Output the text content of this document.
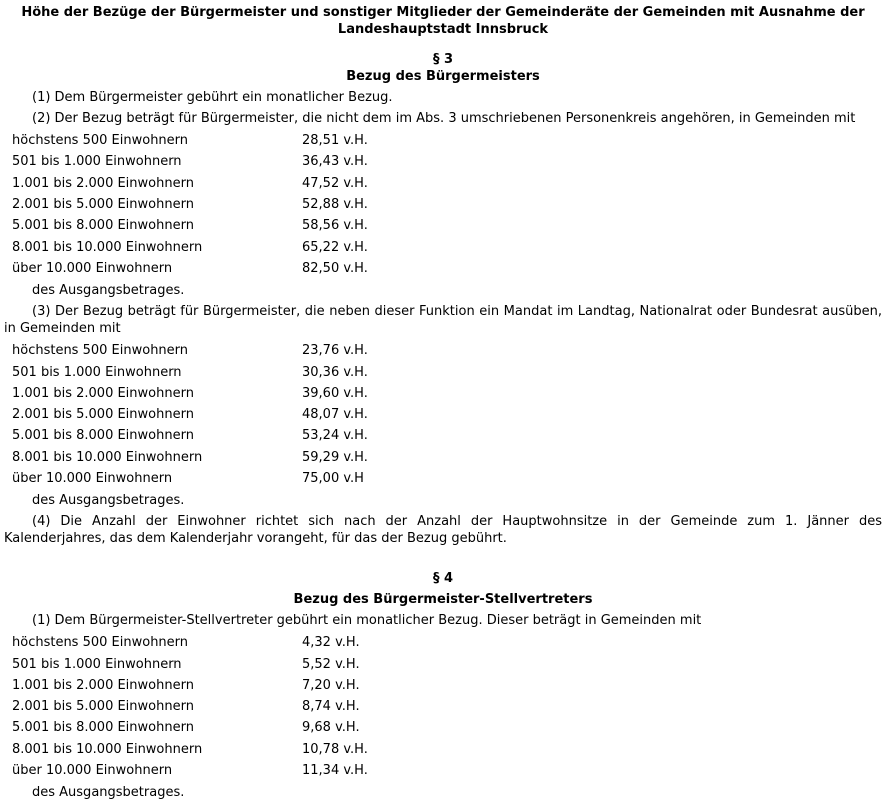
Höhe der Bezüge der Bürgermeister und sonstiger Mitglieder der Gemeinderäte der Gemeinden mit Ausnahme der Landeshauptstadt Innsbruck

§ 3

Bezug des Bürgermeisters

(1) Dem Bürgermeister gebührt ein monatlicher Bezug.

(2) Der Bezug beträgt für Bürgermeister, die nicht dem im Abs. 3 umschriebenen Personenkreis angehören, in Gemeinden mit

höchstens 500 Einwohnern	28,51 v.H.
501 bis 1.000 Einwohnern	36,43 v.H.
1.001 bis 2.000 Einwohnern	47,52 v.H.
2.001 bis 5.000 Einwohnern	52,88 v.H.
5.001 bis 8.000 Einwohnern	58,56 v.H.
8.001 bis 10.000 Einwohnern	65,22 v.H.
über 10.000 Einwohnern	82,50 v.H.

des Ausgangsbetrages.

(3) Der Bezug beträgt für Bürgermeister, die neben dieser Funktion ein Mandat im Landtag, Nationalrat oder Bundesrat ausüben, in Gemeinden mit

höchstens 500 Einwohnern	23,76 v.H.
501 bis 1.000 Einwohnern	30,36 v.H.
1.001 bis 2.000 Einwohnern	39,60 v.H.
2.001 bis 5.000 Einwohnern	48,07 v.H.
5.001 bis 8.000 Einwohnern	53,24 v.H.
8.001 bis 10.000 Einwohnern	59,29 v.H.
über 10.000 Einwohnern	75,00 v.H

des Ausgangsbetrages.

(4) Die Anzahl der Einwohner richtet sich nach der Anzahl der Hauptwohnsitze in der Gemeinde zum 1. Jänner des Kalenderjahres, das dem Kalenderjahr vorangeht, für das der Bezug gebührt.

§ 4

Bezug des Bürgermeister-Stellvertreters

(1) Dem Bürgermeister-Stellvertreter gebührt ein monatlicher Bezug. Dieser beträgt in Gemeinden mit

höchstens 500 Einwohnern	4,32 v.H.
501 bis 1.000 Einwohnern	5,52 v.H.
1.001 bis 2.000 Einwohnern	7,20 v.H.
2.001 bis 5.000 Einwohnern	8,74 v.H.
5.001 bis 8.000 Einwohnern	9,68 v.H.
8.001 bis 10.000 Einwohnern	10,78 v.H.
über 10.000 Einwohnern	11,34 v.H.

des Ausgangsbetrages.
